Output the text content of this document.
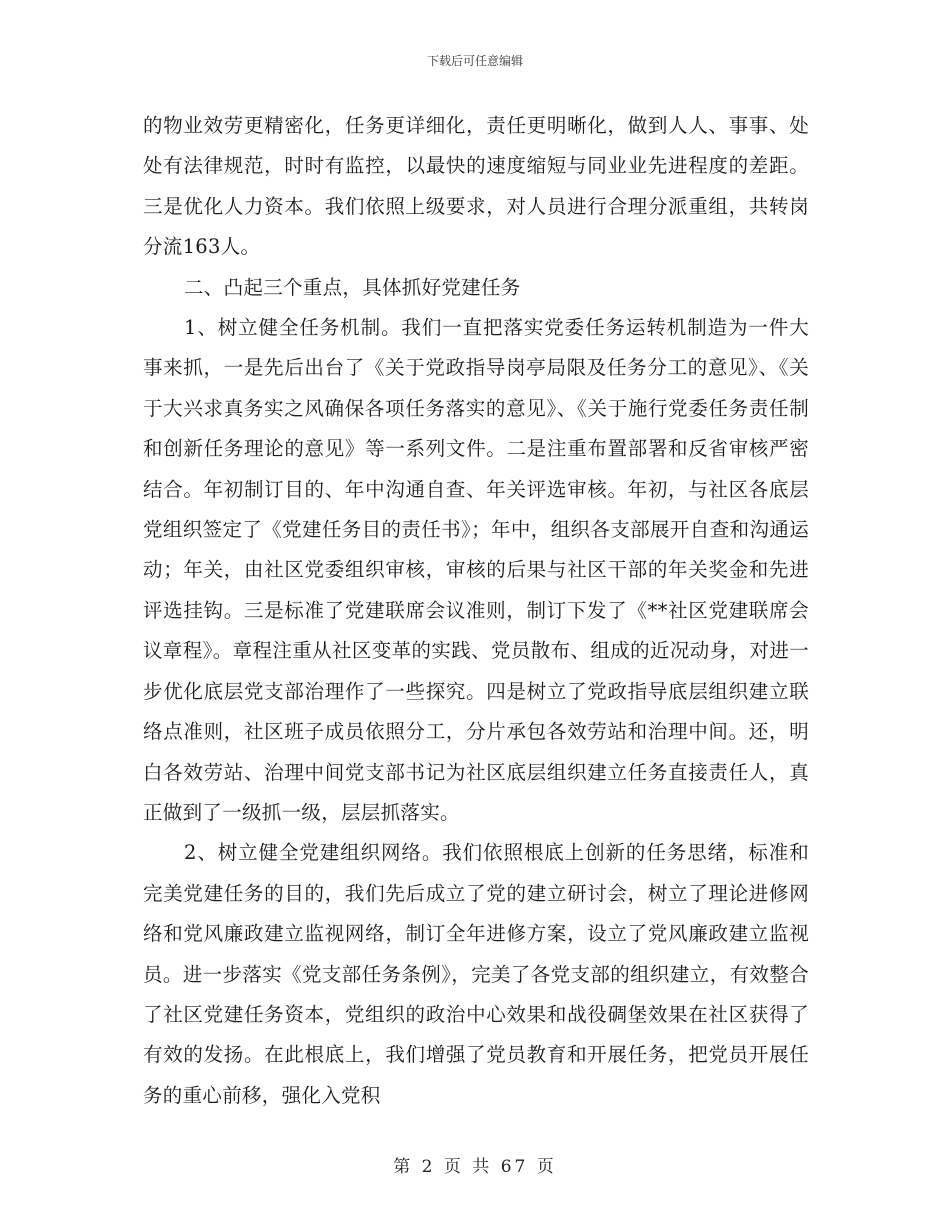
下载后可任意编辑

的物业效劳更精密化，任务更详细化，责任更明晰化，做到人人、事事、处处有法律规范，时时有监控，以最快的速度缩短与同业业先进程度的差距。三是优化人力资本。我们依照上级要求，对人员进行合理分派重组，共转岗分流163人。

二、凸起三个重点，具体抓好党建任务

1、树立健全任务机制。我们一直把落实党委任务运转机制造为一件大事来抓，一是先后出台了《关于党政指导岗亭局限及任务分工的意见》、《关于大兴求真务实之风确保各项任务落实的意见》、《关于施行党委任务责任制和创新任务理论的意见》等一系列文件。二是注重布置部署和反省审核严密结合。年初制订目的、年中沟通自查、年关评选审核。年初，与社区各底层党组织签定了《党建任务目的责任书》；年中，组织各支部展开自查和沟通运动；年关，由社区党委组织审核，审核的后果与社区干部的年关奖金和先进评选挂钩。三是标准了党建联席会议准则，制订下发了《**社区党建联席会议章程》。章程注重从社区变革的实践、党员散布、组成的近况动身，对进一步优化底层党支部治理作了一些探究。四是树立了党政指导底层组织建立联络点准则，社区班子成员依照分工，分片承包各效劳站和治理中间。还，明白各效劳站、治理中间党支部书记为社区底层组织建立任务直接责任人，真正做到了一级抓一级，层层抓落实。

2、树立健全党建组织网络。我们依照根底上创新的任务思绪，标准和完美党建任务的目的，我们先后成立了党的建立研讨会，树立了理论进修网络和党风廉政建立监视网络，制订全年进修方案，设立了党风廉政建立监视员。进一步落实《党支部任务条例》，完美了各党支部的组织建立，有效整合了社区党建任务资本，党组织的政治中心效果和战役碉堡效果在社区获得了有效的发扬。在此根底上，我们增强了党员教育和开展任务，把党员开展任务的重心前移，强化入党积

第 2 页 共 67 页
